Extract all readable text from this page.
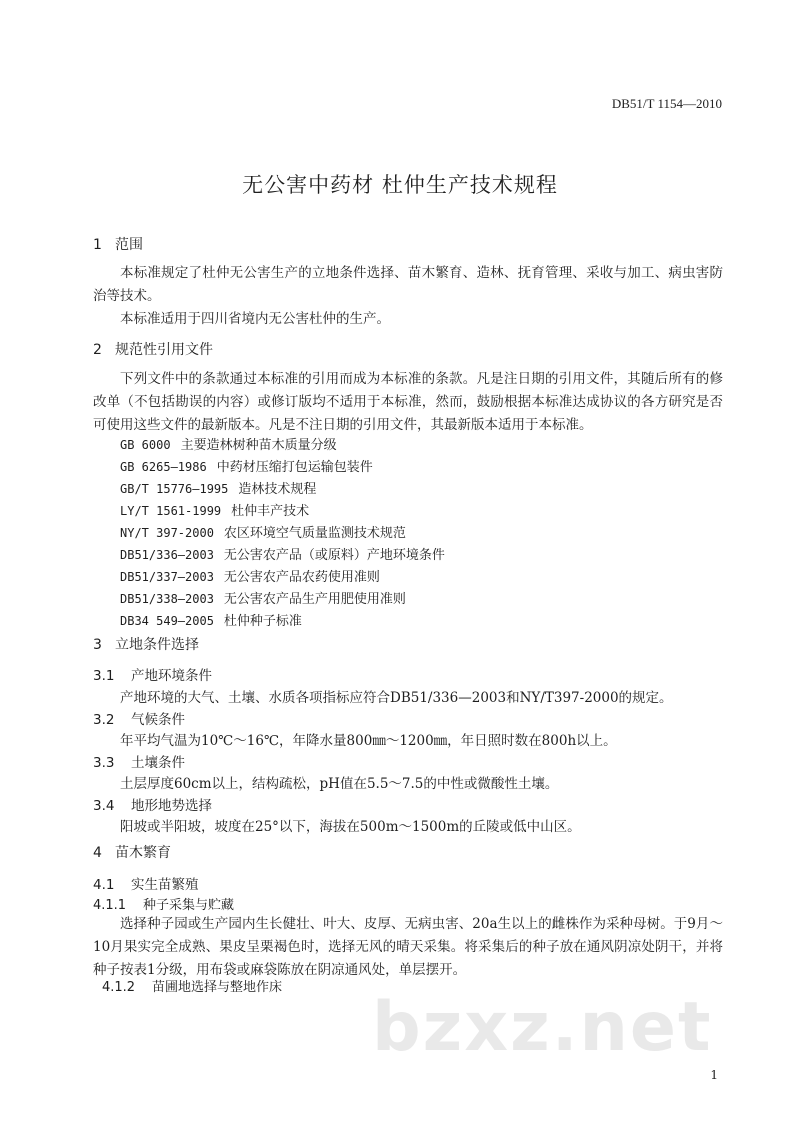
DB51/T 1154—2010
无公害中药材 杜仲生产技术规程
1 范围
本标准规定了杜仲无公害生产的立地条件选择、苗木繁育、造林、抚育管理、采收与加工、病虫害防治等技术。
本标准适用于四川省境内无公害杜仲的生产。
2 规范性引用文件
下列文件中的条款通过本标准的引用而成为本标准的条款。凡是注日期的引用文件，其随后所有的修改单（不包括勘误的内容）或修订版均不适用于本标准，然而，鼓励根据本标准达成协议的各方研究是否可使用这些文件的最新版本。凡是不注日期的引用文件，其最新版本适用于本标准。
GB 6000 主要造林树种苗木质量分级
GB 6265—1986 中药材压缩打包运输包装件
GB/T 15776—1995 造林技术规程
LY/T 1561-1999 杜仲丰产技术
NY/T 397-2000 农区环境空气质量监测技术规范
DB51/336—2003 无公害农产品（或原料）产地环境条件
DB51/337—2003 无公害农产品农药使用准则
DB51/338—2003 无公害农产品生产用肥使用准则
DB34 549—2005 杜仲种子标准
3 立地条件选择
3.1 产地环境条件
产地环境的大气、土壤、水质各项指标应符合DB51/336—2003和NY/T397-2000的规定。
3.2 气候条件
年平均气温为10℃～16℃，年降水量800㎜～1200㎜，年日照时数在800h以上。
3.3 土壤条件
土层厚度60cm以上，结构疏松，pH值在5.5～7.5的中性或微酸性土壤。
3.4 地形地势选择
阳坡或半阳坡，坡度在25°以下，海拔在500m～1500m的丘陵或低中山区。
4 苗木繁育
4.1 实生苗繁殖
4.1.1 种子采集与贮藏
选择种子园或生产园内生长健壮、叶大、皮厚、无病虫害、20a生以上的雌株作为采种母树。于9月～10月果实完全成熟、果皮呈栗褐色时，选择无风的晴天采集。将采集后的种子放在通风阴凉处阴干，并将种子按表1分级，用布袋或麻袋陈放在阴凉通风处，单层摆开。
4.1.2 苗圃地选择与整地作床
bzxz.net
1
